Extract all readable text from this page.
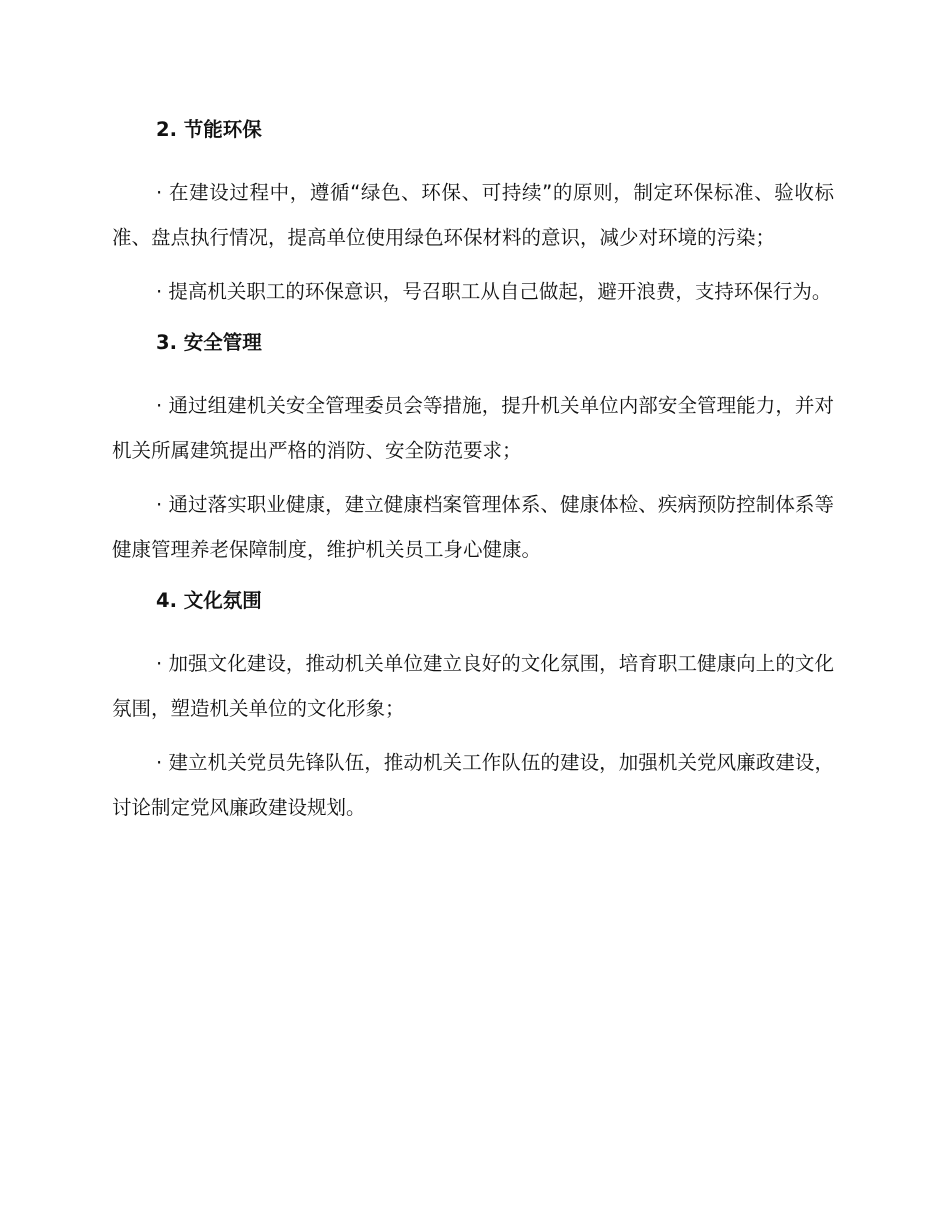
2. 节能环保

· 在建设过程中，遵循“绿色、环保、可持续”的原则，制定环保标准、验收标准、盘点执行情况，提高单位使用绿色环保材料的意识，减少对环境的污染；

· 提高机关职工的环保意识，号召职工从自己做起，避开浪费，支持环保行为。

3. 安全管理

· 通过组建机关安全管理委员会等措施，提升机关单位内部安全管理能力，并对机关所属建筑提出严格的消防、安全防范要求；

· 通过落实职业健康，建立健康档案管理体系、健康体检、疾病预防控制体系等健康管理养老保障制度，维护机关员工身心健康。

4. 文化氛围

· 加强文化建设，推动机关单位建立良好的文化氛围，培育职工健康向上的文化氛围，塑造机关单位的文化形象；

· 建立机关党员先锋队伍，推动机关工作队伍的建设，加强机关党风廉政建设，讨论制定党风廉政建设规划。
